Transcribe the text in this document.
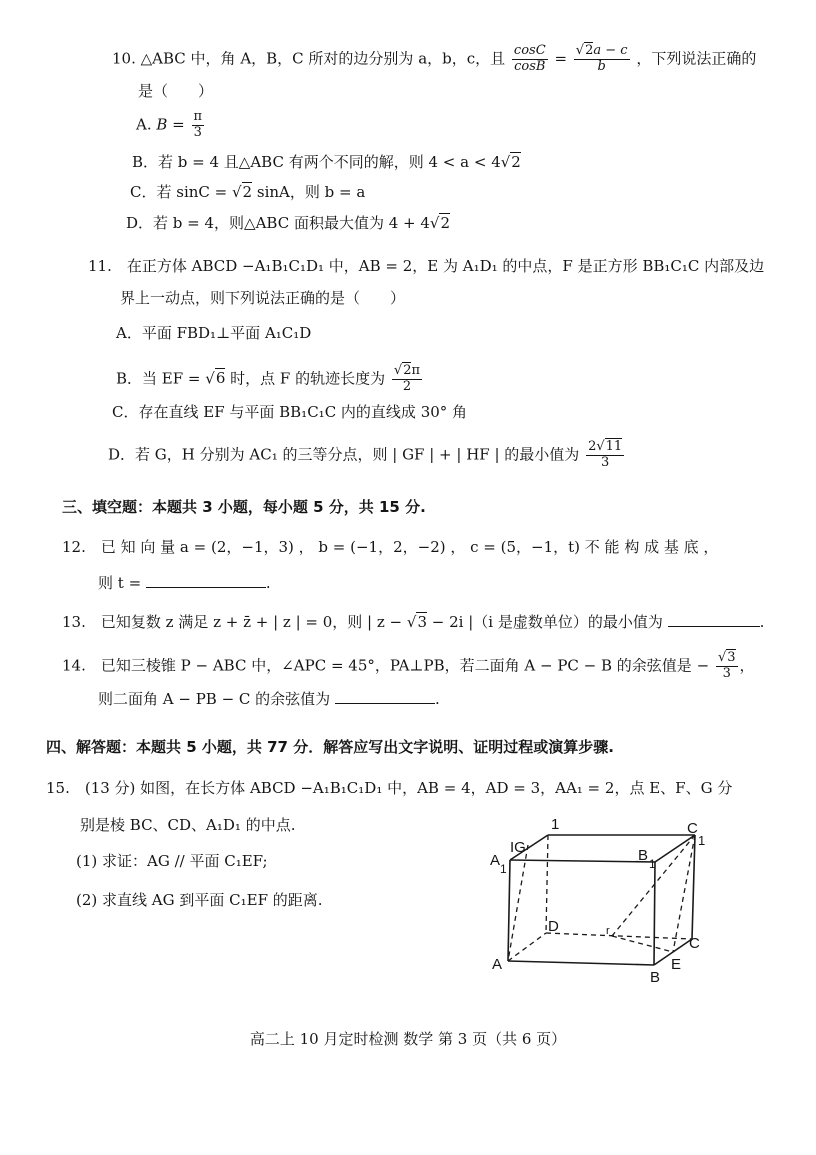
10. △ABC 中，角 A，B，C 所对的边分别为 a，b，c，且 $\frac{\cos C}{\cos B} = \frac{√2a - c}{b}$ ，下列说法正确的
是（　　）
A. $B = \frac{\pi}{3}$
B．若 b = 4 且△ABC 有两个不同的解，则 4 < a < 4√2
C．若 sinC = √2 sinA，则 b = a
D．若 b = 4，则△ABC 面积最大值为 4 + 4√2
11.　在正方体 ABCD −A₁B₁C₁D₁ 中，AB = 2，E 为 A₁D₁ 的中点，F 是正方形 BB₁C₁C 内部及边
界上一动点，则下列说法正确的是（　　）
A．平面 FBD₁⊥平面 A₁C₁D
B．当 EF = √6 时，点 F 的轨迹长度为 $\frac{√2\pi}{2}$
C．存在直线 EF 与平面 BB₁C₁C 内的直线成 30° 角
D．若 G，H 分别为 AC₁ 的三等分点，则 | GF | + | HF | 的最小值为 $\frac{2√11}{3}$
三、填空题：本题共 3 小题，每小题 5 分，共 15 分.
12.　已 知 向 量 a = (2，−1，3) ， b = (−1，2，−2) ， c = (5，−1，t) 不 能 构 成 基 底 ，
则 t =	.
13.　已知复数 z 满足 z + z̄ + | z | = 0，则 | z − √3 − 2i |（i 是虚数单位）的最小值为	.
14.　已知三棱锥 P − ABC 中，∠APC = 45°，PA⊥PB，若二面角 A − PC − B 的余弦值是 − $\frac{√3}{3}$ ，
则二面角 A − PB − C 的余弦值为	.
四、解答题：本题共 5 小题，共 77 分．解答应写出文字说明、证明过程或演算步骤.
15.　(13 分) 如图，在长方体 ABCD −A₁B₁C₁D₁ 中，AB = 4，AD = 3，AA₁ = 2，点 E、F、G 分
别是棱 BC、CD、A₁D₁ 的中点.
(1) 求证：AG // 平面 C₁EF;
(2) 求直线 AG 到平面 C₁EF 的距离.
1
IG
A 1
B 1
C
1
D	r
A
B
C
E
高二上 10 月定时检测 数学 第 3 页（共 6 页）
